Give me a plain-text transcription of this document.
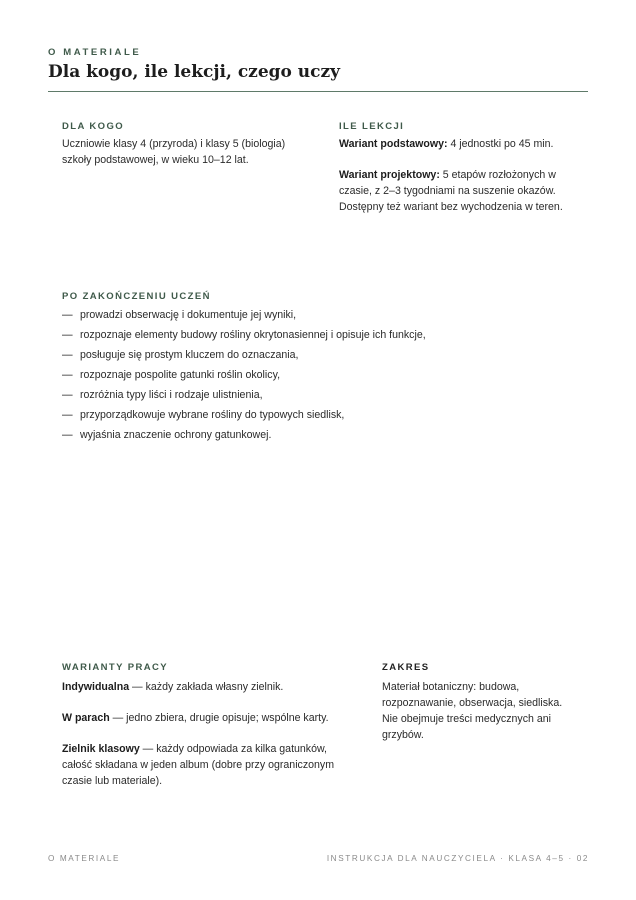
O MATERIALE
Dla kogo, ile lekcji, czego uczy
DLA KOGO

Uczniowie klasy 4 (przyroda) i klasy 5 (biologia) szkoły podstawowej, w wieku 10–12 lat.

ILE LEKCJI

Wariant podstawowy: 4 jednostki po 45 min.

Wariant projektowy: 5 etapów rozłożonych w czasie, z 2–3 tygodniami na suszenie okazów. Dostępny też wariant bez wychodzenia w teren.

PO ZAKOŃCZENIU UCZEŃ
— prowadzi obserwację i dokumentuje jej wyniki,
— rozpoznaje elementy budowy rośliny okrytonasiennej i opisuje ich funkcje,
— posługuje się prostym kluczem do oznaczania,
— rozpoznaje pospolite gatunki roślin okolicy,
— rozróżnia typy liści i rodzaje ulistnienia,
— przyporządkowuje wybrane rośliny do typowych siedlisk,
— wyjaśnia znaczenie ochrony gatunkowej.
WARIANTY PRACY

Indywidualna — każdy zakłada własny zielnik.

W parach — jedno zbiera, drugie opisuje; wspólne karty.

Zielnik klasowy — każdy odpowiada za kilka gatunków, całość składana w jeden album (dobre przy ograniczonym czasie lub materiale).

ZAKRES

Materiał botaniczny: budowa, rozpoznawanie, obserwacja, siedliska. Nie obejmuje treści medycznych ani grzybów.

O MATERIALE	INSTRUKCJA DLA NAUCZYCIELA · KLASA 4–5 · 02
